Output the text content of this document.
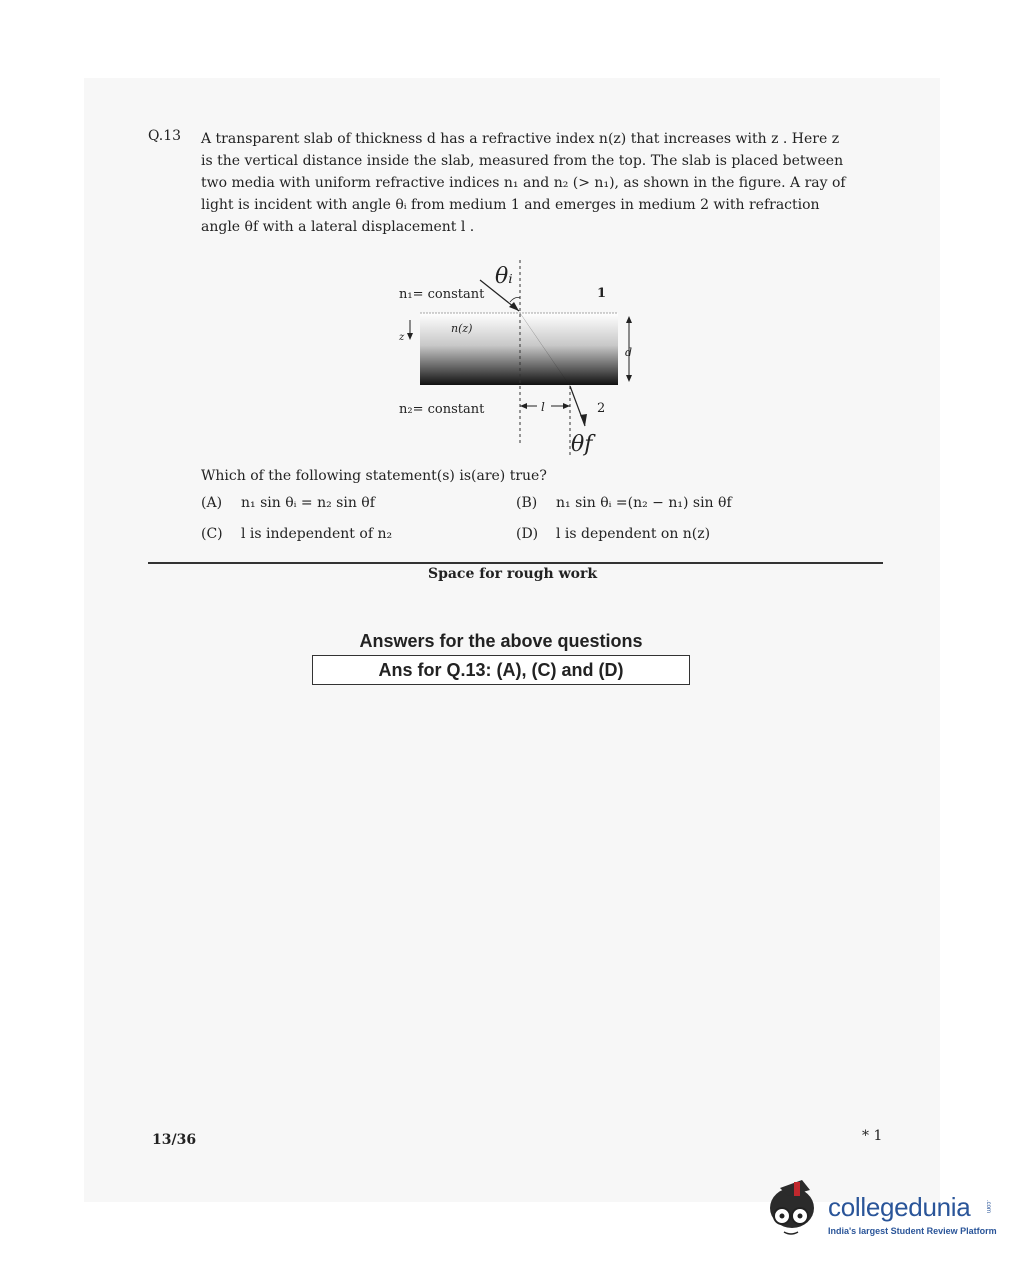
Q.13 A transparent slab of thickness d has a refractive index n(z) that increases with z . Here z
is the vertical distance inside the slab, measured from the top. The slab is placed between
two media with uniform refractive indices n₁ and n₂ (> n₁), as shown in the figure. A ray of
light is incident with angle θᵢ from medium 1 and emerges in medium 2 with refraction
angle θf with a lateral displacement l .

n₁= constant
n₂= constant
n(z)
z
d
l
1
2
θᵢ
θf
Which of the following statement(s) is(are) true?
(A) n₁ sin θᵢ = n₂ sin θf	(B) n₁ sin θᵢ =(n₂ − n₁) sin θf
(C) l is independent of n₂	(D) l is dependent on n(z)
Space for rough work
Answers for the above questions
Ans for Q.13: (A), (C) and (D)
13/36	* 1
collegedunia
India's largest Student Review Platform
.com
